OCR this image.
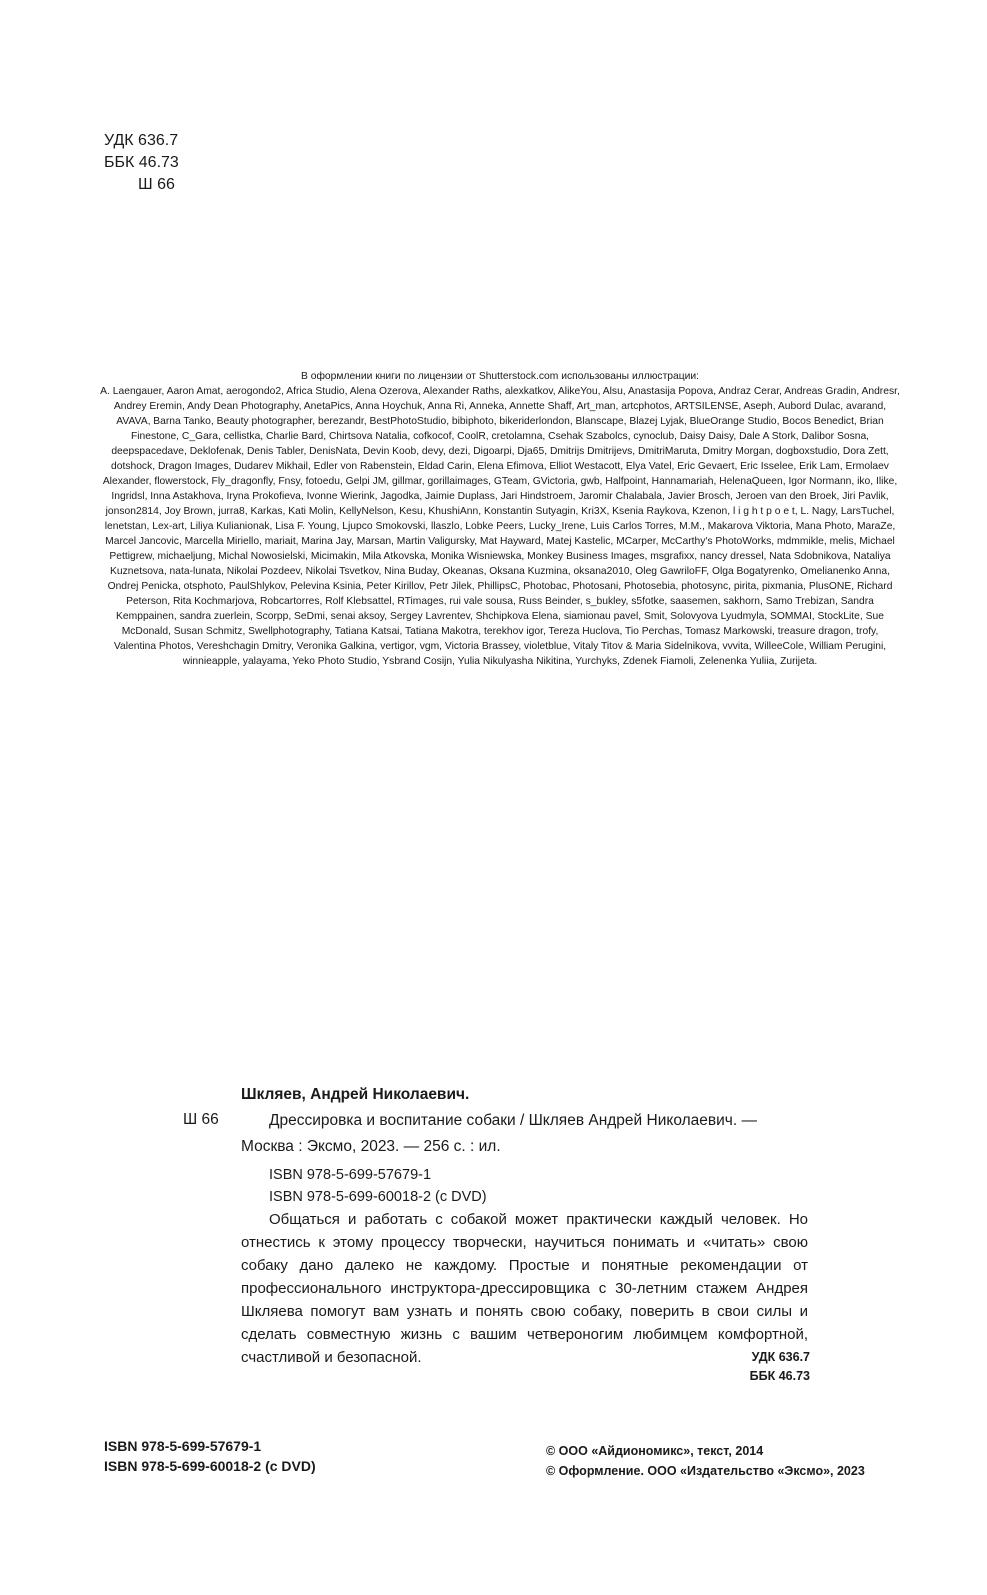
УДК 636.7
ББК 46.73
Ш 66
В оформлении книги по лицензии от Shutterstock.com использованы иллюстрации:
A. Laengauer, Aaron Amat, aerogondo2, Africa Studio, Alena Ozerova, Alexander Raths, alexkatkov, AlikeYou, Alsu, Anastasija Popova, Andraz Cerar, Andreas Gradin, Andresr, Andrey Eremin, Andy Dean Photography, AnetaPics, Anna Hoychuk, Anna Ri, Anneka, Annette Shaff, Art_man, artcphotos, ARTSILENSE, Aseph, Aubord Dulac, avarand, AVAVA, Barna Tanko, Beauty photographer, berezandr, BestPhotoStudio, bibiphoto, bikeriderlondon, Blanscape, Blazej Lyjak, BlueOrange Studio, Bocos Benedict, Brian Finestone, C_Gara, cellistka, Charlie Bard, Chirtsova Natalia, cofkocof, CoolR, cretolamna, Csehak Szabolcs, cynoclub, Daisy Daisy, Dale A Stork, Dalibor Sosna, deepspacedave, Deklofenak, Denis Tabler, DenisNata, Devin Koob, devy, dezi, Digoarpi, Dja65, Dmitrijs Dmitrijevs, DmitriMaruta, Dmitry Morgan, dogboxstudio, Dora Zett, dotshock, Dragon Images, Dudarev Mikhail, Edler von Rabenstein, Eldad Carin, Elena Efimova, Elliot Westacott, Elya Vatel, Eric Gevaert, Eric Isselee, Erik Lam, Ermolaev Alexander, flowerstock, Fly_dragonfly, Fnsy, fotoedu, Gelpi JM, gillmar, gorillaimages, GTeam, GVictoria, gwb, Halfpoint, Hannamariah, HelenaQueen, Igor Normann, iko, Ilike, Ingridsl, Inna Astakhova, Iryna Prokofieva, Ivonne Wierink, Jagodka, Jaimie Duplass, Jari Hindstroem, Jaromir Chalabala, Javier Brosch, Jeroen van den Broek, Jiri Pavlik, jonson2814, Joy Brown, jurra8, Karkas, Kati Molin, KellyNelson, Kesu, KhushiAnn, Konstantin Sutyagin, Kri3X, Ksenia Raykova, Kzenon, l i g h t p o e t, L. Nagy, LarsTuchel, lenetstan, Lex-art, Liliya Kulianionak, Lisa F. Young, Ljupco Smokovski, llaszlo, Lobke Peers, Lucky_Irene, Luis Carlos Torres, M.M., Makarova Viktoria, Mana Photo, MaraZe, Marcel Jancovic, Marcella Miriello, mariait, Marina Jay, Marsan, Martin Valigursky, Mat Hayward, Matej Kastelic, MCarper, McCarthy's PhotoWorks, mdmmikle, melis, Michael Pettigrew, michaeljung, Michal Nowosielski, Micimakin, Mila Atkovska, Monika Wisniewska, Monkey Business Images, msgrafixx, nancy dressel, Nata Sdobnikova, Nataliya Kuznetsova, nata-lunata, Nikolai Pozdeev, Nikolai Tsvetkov, Nina Buday, Okeanas, Oksana Kuzmina, oksana2010, Oleg GawriloFF, Olga Bogatyrenko, Omelianenko Anna, Ondrej Penicka, otsphoto, PaulShlykov, Pelevina Ksinia, Peter Kirillov, Petr Jilek, PhillipsC, Photobac, Photosani, Photosebia, photosync, pirita, pixmania, PlusONE, Richard Peterson, Rita Kochmarjova, Robcartorres, Rolf Klebsattel, RTimages, rui vale sousa, Russ Beinder, s_bukley, s5fotke, saasemen, sakhorn, Samo Trebizan, Sandra Kemppainen, sandra zuerlein, Scorpp, SeDmi, senai aksoy, Sergey Lavrentev, Shchipkova Elena, siamionau pavel, Smit, Solovyova Lyudmyla, SOMMAI, StockLite, Sue McDonald, Susan Schmitz, Swellphotography, Tatiana Katsai, Tatiana Makotra, terekhov igor, Tereza Huclova, Tio Perchas, Tomasz Markowski, treasure dragon, trofy, Valentina Photos, Vereshchagin Dmitry, Veronika Galkina, vertigor, vgm, Victoria Brassey, violetblue, Vitaly Titov & Maria Sidelnikova, vvvita, WilleeCole, William Perugini, winnieapple, yalayama, Yeko Photo Studio, Ysbrand Cosijn, Yulia Nikulyasha Nikitina, Yurchyks, Zdenek Fiamoli, Zelenenka Yuliia, Zurijeta.
Ш 66
Шкляев, Андрей Николаевич.

Дрессировка и воспитание собаки / Шкляев Андрей Николаевич. — Москва : Эксмо, 2023. — 256 с. : ил.

ISBN 978-5-699-57679-1
ISBN 978-5-699-60018-2 (с DVD)

Общаться и работать с собакой может практически каждый человек. Но отнестись к этому процессу творчески, научиться понимать и «читать» свою собаку дано далеко не каждому. Простые и понятные рекомендации от профессионального инструктора-дрессировщика с 30-летним стажем Андрея Шкляева помогут вам узнать и понять свою собаку, поверить в свои силы и сделать совместную жизнь с вашим четвероногим любимцем комфортной, счастливой и безопасной.	УДК 636.7
ББК 46.73
ISBN 978-5-699-57679-1
ISBN 978-5-699-60018-2 (с DVD)
© ООО «Айдиономикс», текст, 2014
© Оформление. ООО «Издательство «Эксмо», 2023
